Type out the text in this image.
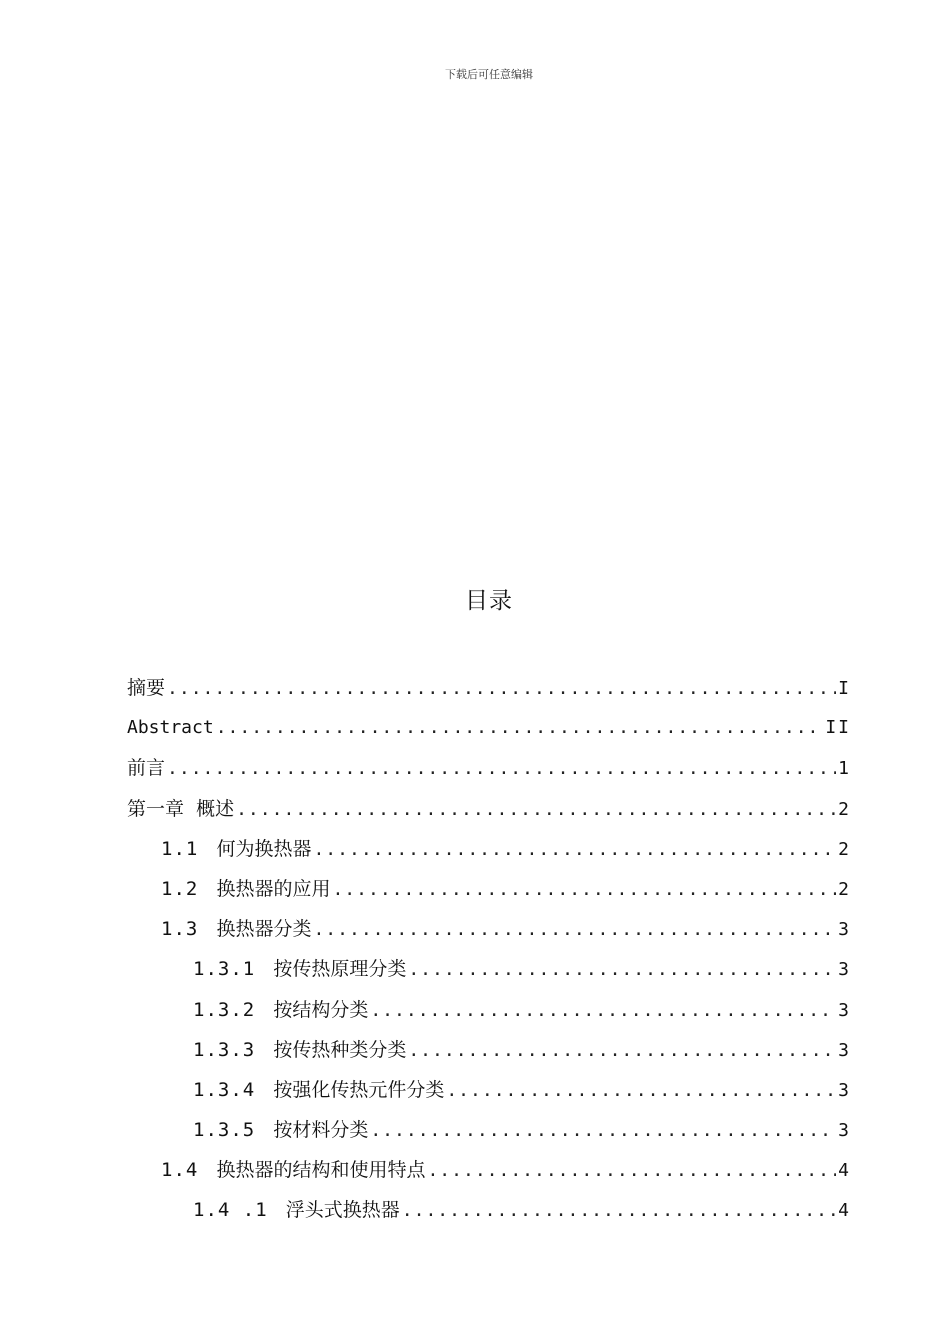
下载后可任意编辑
目录
摘要 .....	I
Abstract .....	II
前言 .....	1
第一章  概述 .....	2
1.1 何为换热器 .....	2
1.2 换热器的应用 .....	2
1.3 换热器分类 .....	3
1.3.1 按传热原理分类 .....	3
1.3.2 按结构分类 .....	3
1.3.3 按传热种类分类 .....	3
1.3.4 按强化传热元件分类 .....	3
1.3.5 按材料分类 .....	3
1.4 换热器的结构和使用特点 .....	4
1.4 .1 浮头式换热器 .....	4
